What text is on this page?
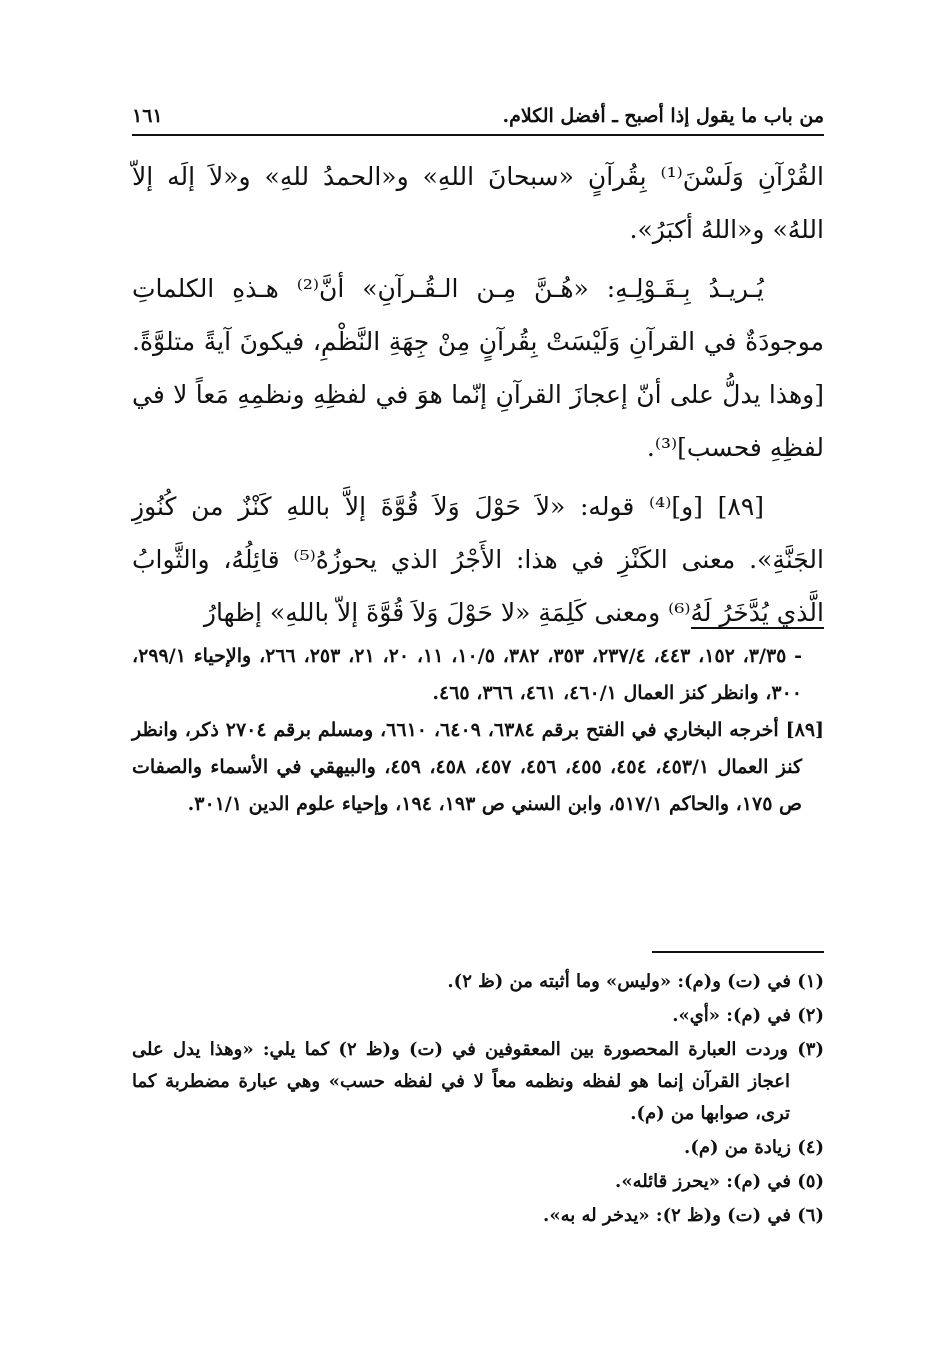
١٦١	من باب ما يقول إذا أصبح ـ أفضل الكلام.

القُرْآنِ وَلَسْنَ⁽¹⁾ بِقُرآنٍ «سبحانَ اللهِ» و«الحمدُ للهِ» و«لاَ إلَه إلاّ اللهُ» و«اللهُ أكبَرُ».

يُـريـدُ بِـقَـوْلِـهِ: «هُـنَّ مِـن الـقُـرآنِ» أنَّ⁽²⁾ هـذهِ الكلماتِ موجودَةٌ في القرآنِ وَلَيْسَتْ بِقُرآنٍ مِنْ جِهَةِ النَّظْمِ، فيكونَ آيةً متلوَّةً. [وهذا يدلُّ على أنّ إعجازَ القرآنِ إنّما هوَ في لفظِهِ ونظمِهِ مَعاً لا في لفظِهِ فحسب]⁽³⁾.

[٨٩] [و]⁽⁴⁾ قوله: «لاَ حَوْلَ وَلاَ قُوَّةَ إلاَّ باللهِ كَنْزٌ من كُنُوزِ الجَنَّةِ». معنى الكَنْزِ في هذا: الأَجْرُ الذي يحوزُهُ⁽⁵⁾ قائِلُهُ، والثَّوابُ الَّذي يُدَّخَرُ لَهُ⁽⁶⁾ ومعنى كَلِمَةِ «لا حَوْلَ وَلاَ قُوَّةَ إلاّ باللهِ» إظهارُ

- ٣/٣٥، ١٥٢، ٤٤٣، ٢٣٧/٤، ٣٥٣، ٣٨٢، ١٠/٥، ١١، ٢٠، ٢١، ٢٥٣، ٢٦٦، والإحياء ٢٩٩/١، ٣٠٠، وانظر كنز العمال ٤٦٠/١، ٤٦١، ٣٦٦، ٤٦٥.

[٨٩] أخرجه البخاري في الفتح برقم ٦٣٨٤، ٦٤٠٩، ٦٦١٠، ومسلم برقم ٢٧٠٤ ذكر، وانظر كنز العمال ٤٥٣/١، ٤٥٤، ٤٥٥، ٤٥٦، ٤٥٧، ٤٥٨، ٤٥٩، والبيهقي في الأسماء والصفات ص ١٧٥، والحاكم ٥١٧/١، وابن السني ص ١٩٣، ١٩٤، وإحياء علوم الدين ٣٠١/١.

(١) في (ت) و(م): «وليس» وما أثبته من (ظ ٢).

(٢) في (م): «أي».

(٣) وردت العبارة المحصورة بين المعقوفين في (ت) و(ظ ٢) كما يلي: «وهذا يدل على اعجاز القرآن إنما هو لفظه ونظمه معاً لا في لفظه حسب» وهي عبارة مضطربة كما ترى، صوابها من (م).

(٤) زيادة من (م).

(٥) في (م): «يحرز قائله».

(٦) في (ت) و(ظ ٢): «يدخر له به».
